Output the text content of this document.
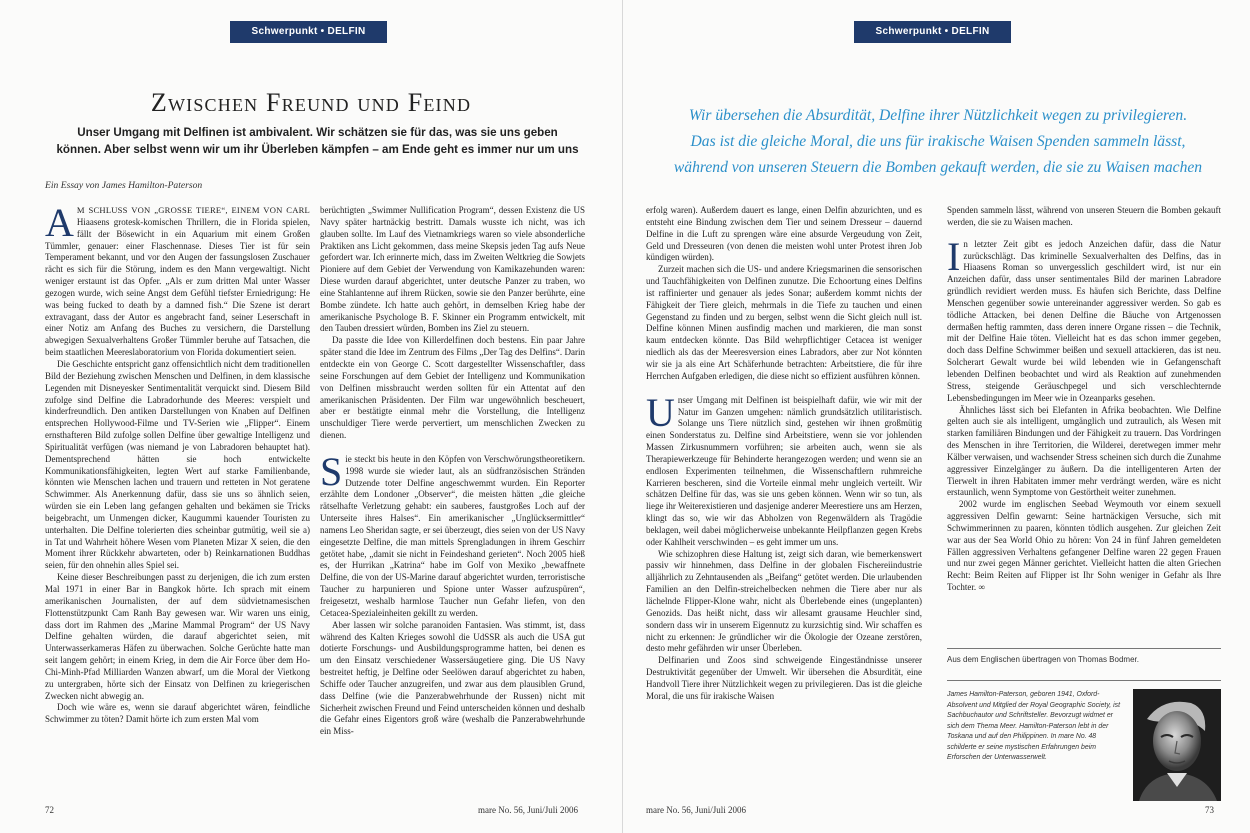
Schwerpunkt • DELFIN
Zwischen Freund und Feind
Unser Umgang mit Delfinen ist ambivalent. Wir schätzen sie für das, was sie uns geben können. Aber selbst wenn wir um ihr Überleben kämpfen – am Ende geht es immer nur um uns
Ein Essay von James Hamilton-Paterson

A M SCHLUSS VON „GROSSE TIERE“, EINEM VON CARL Hiaasens grotesk-komischen Thrillern, die in Florida spielen, fällt der Bösewicht in ein Aquarium mit einem Großen Tümmler, genauer: einer Flaschennase. Dieses Tier ist für sein Temperament bekannt, und vor den Augen der fassungslosen Zuschauer rächt es sich für die Störung, indem es den Mann vergewaltigt. Nicht weniger erstaunt ist das Opfer. „Als er zum dritten Mal unter Wasser gezogen wurde, wich seine Angst dem Gefühl tiefster Erniedrigung: He was being fucked to death by a damned fish.“ Die Szene ist derart extravagant, dass der Autor es angebracht fand, seiner Leserschaft in einer Notiz am Anfang des Buches zu versichern, die Darstellung abwegigen Sexualverhaltens Großer Tümmler beruhe auf Tatsachen, die beim staatlichen Meereslaboratorium von Florida dokumentiert seien.

Die Geschichte entspricht ganz offensichtlich nicht dem traditionellen Bild der Beziehung zwischen Menschen und Delfinen, in dem klassische Legenden mit Disneyesker Sentimentalität verquickt sind. Diesem Bild zufolge sind Delfine die Labradorhunde des Meeres: verspielt und kinderfreundlich. Den antiken Darstellungen von Knaben auf Delfinen entsprechen Hollywood-Filme und TV-Serien wie „Flipper“. Einem ernsthafteren Bild zufolge sollen Delfine über gewaltige Intelligenz und Spiritualität verfügen (was niemand je von Labradoren behauptet hat). Dementsprechend hätten sie hoch entwickelte Kommunikationsfähigkeiten, legten Wert auf starke Familienbande, könnten wie Menschen lachen und trauern und retteten in Not geratene Schwimmer. Als Anerkennung dafür, dass sie uns so ähnlich seien, würden sie ein Leben lang gefangen gehalten und bekämen sie Tricks beigebracht, um Unmengen dicker, Kaugummi kauender Touristen zu unterhalten. Die Delfine tolerierten dies scheinbar gutmütig, weil sie a) in Tat und Wahrheit höhere Wesen vom Planeten Mizar X seien, die den Moment ihrer Rückkehr abwarteten, oder b) Reinkarnationen Buddhas seien, für den ohnehin alles Spiel sei.

Keine dieser Beschreibungen passt zu derjenigen, die ich zum ersten Mal 1971 in einer Bar in Bangkok hörte. Ich sprach mit einem amerikanischen Journalisten, der auf dem südvietnamesischen Flottenstützpunkt Cam Ranh Bay gewesen war. Wir waren uns einig, dass dort im Rahmen des „Marine Mammal Program“ der US Navy Delfine gehalten würden, die darauf abgerichtet seien, mit Unterwasserkameras Häfen zu überwachen. Solche Gerüchte hatte man seit langem gehört; in einem Krieg, in dem die Air Force über dem Ho-Chi-Minh-Pfad Milliarden Wanzen abwarf, um die Moral der Vietkong zu untergraben, hörte sich der Einsatz von Delfinen zu kriegerischen Zwecken nicht abwegig an.

Doch wie wäre es, wenn sie darauf abgerichtet wären, feindliche Schwimmer zu töten? Damit hörte ich zum ersten Mal vom

berüchtigten „Swimmer Nullification Program“, dessen Existenz die US Navy später hartnäckig bestritt. Damals wusste ich nicht, was ich glauben sollte. Im Lauf des Vietnamkriegs waren so viele absonderliche Praktiken ans Licht gekommen, dass meine Skepsis jeden Tag aufs Neue gefordert war. Ich erinnerte mich, dass im Zweiten Weltkrieg die Sowjets Pioniere auf dem Gebiet der Verwendung von Kamikazehunden waren: Diese wurden darauf abgerichtet, unter deutsche Panzer zu traben, wo eine Stahlantenne auf ihrem Rücken, sowie sie den Panzer berührte, eine Bombe zündete. Ich hatte auch gehört, in demselben Krieg habe der amerikanische Psychologe B. F. Skinner ein Programm entwickelt, mit den Tauben dressiert würden, Bomben ins Ziel zu steuern.

Da passte die Idee von Killerdelfinen doch bestens. Ein paar Jahre später stand die Idee im Zentrum des Films „Der Tag des Delfins“. Darin entdeckte ein von George C. Scott dargestellter Wissenschaftler, dass seine Forschungen auf dem Gebiet der Intelligenz und Kommunikation von Delfinen missbraucht werden sollten für ein Attentat auf den amerikanischen Präsidenten. Der Film war ungewöhnlich bescheuert, aber er bestätigte einmal mehr die Vorstellung, die Intelligenz unschuldiger Tiere werde pervertiert, um menschlichen Zwecken zu dienen.

Sie steckt bis heute in den Köpfen von Verschwörungstheoretikern. 1998 wurde sie wieder laut, als an südfranzösischen Stränden Dutzende toter Delfine angeschwemmt wurden. Ein Reporter erzählte dem Londoner „Observer“, die meisten hätten „die gleiche rätselhafte Verletzung gehabt: ein sauberes, faustgroßes Loch auf der Unterseite ihres Halses“. Ein amerikanischer „Unglücksermittler“ namens Leo Sheridan sagte, er sei überzeugt, dies seien von der US Navy eingesetzte Delfine, die man mittels Sprengladungen in ihrem Geschirr getötet habe, „damit sie nicht in Feindeshand gerieten“. Noch 2005 hieß es, der Hurrikan „Katrina“ habe im Golf von Mexiko „bewaffnete Delfine, die von der US-Marine darauf abgerichtet wurden, terroristische Taucher zu harpunieren und Spione unter Wasser aufzuspüren“, freigesetzt, weshalb harmlose Taucher nun Gefahr liefen, von den Cetacea-Spezialeinheiten gekillt zu werden.

Aber lassen wir solche paranoiden Fantasien. Was stimmt, ist, dass während des Kalten Krieges sowohl die UdSSR als auch die USA gut dotierte Forschungs- und Ausbildungsprogramme hatten, bei denen es um den Einsatz verschiedener Wassersäugetiere ging. Die US Navy bestreitet heftig, je Delfine oder Seelöwen darauf abgerichtet zu haben, Schiffe oder Taucher anzugreifen, und zwar aus dem plausiblen Grund, dass Delfine (wie die Panzerabwehrhunde der Russen) nicht mit Sicherheit zwischen Freund und Feind unterscheiden können und deshalb die Gefahr eines Eigentors groß wäre (weshalb die Panzerabwehrhunde ein Miss-

72	mare No. 56, Juni/Juli 2006
Schwerpunkt • DELFIN
Wir übersehen die Absurdität, Delfine ihrer Nützlichkeit wegen zu privilegieren.
Das ist die gleiche Moral, die uns für irakische Waisen Spenden sammeln lässt,
während von unseren Steuern die Bomben gekauft werden, die sie zu Waisen machen

erfolg waren). Außerdem dauert es lange, einen Delfin abzurichten, und es entsteht eine Bindung zwischen dem Tier und seinem Dresseur – dauernd Delfine in die Luft zu sprengen wäre eine absurde Vergeudung von Zeit, Geld und Dresseuren (von denen die meisten wohl unter Protest ihren Job kündigen würden).

Zurzeit machen sich die US- und andere Kriegsmarinen die sensorischen und Tauchfähigkeiten von Delfinen zunutze. Die Echoortung eines Delfins ist raffinierter und genauer als jedes Sonar; außerdem kommt nichts der Fähigkeit der Tiere gleich, mehrmals in die Tiefe zu tauchen und einen Gegenstand zu finden und zu bergen, selbst wenn die Sicht gleich null ist. Delfine können Minen ausfindig machen und markieren, die man sonst kaum entdecken könnte. Das Bild wehrpflichtiger Cetacea ist weniger niedlich als das der Meeresversion eines Labradors, aber zur Not könnten wir sie ja als eine Art Schäferhunde betrachten: Arbeitstiere, die für ihre Herrchen Aufgaben erledigen, die diese nicht so effizient ausführen können.

Unser Umgang mit Delfinen ist beispielhaft dafür, wie wir mit der Natur im Ganzen umgehen: nämlich grundsätzlich utilitaristisch. Solange uns Tiere nützlich sind, gestehen wir ihnen großmütig einen Sonderstatus zu. Delfine sind Arbeitstiere, wenn sie vor johlenden Massen Zirkusnummern vorführen; sie arbeiten auch, wenn sie als Therapiewerkzeuge für Behinderte herangezogen werden; und wenn sie an endlosen Experimenten teilnehmen, die Wissenschaftlern ruhmreiche Karrieren bescheren, sind die Vorteile einmal mehr ungleich verteilt. Wir schätzen Delfine für das, was sie uns geben können. Wenn wir so tun, als liege ihr Weiterexistieren und dasjenige anderer Meerestiere uns am Herzen, klingt das so, wie wir das Abholzen von Regenwäldern als Tragödie beklagen, weil dabei möglicherweise unbekannte Heilpflanzen gegen Krebs oder Kahlheit verschwinden – es geht immer um uns.

Wie schizophren diese Haltung ist, zeigt sich daran, wie bemerkenswert passiv wir hinnehmen, dass Delfine in der globalen Fischereiindustrie alljährlich zu Zehntausenden als „Beifang“ getötet werden. Die urlaubenden Familien an den Delfin-streichelbecken nehmen die Tiere aber nur als lächelnde Flipper-Klone wahr, nicht als Überlebende eines (ungeplanten) Genozids. Das heißt nicht, dass wir allesamt grausame Heuchler sind, sondern dass wir in unserem Eigennutz zu kurzsichtig sind. Wir schaffen es nicht zu erkennen: Je gründlicher wir die Ökologie der Ozeane zerstören, desto mehr gefährden wir unser Überleben.

Delfinarien und Zoos sind schweigende Eingeständnisse unserer Destruktivität gegenüber der Umwelt. Wir übersehen die Absurdität, eine Handvoll Tiere ihrer Nützlichkeit wegen zu privilegieren. Das ist die gleiche Moral, die uns für irakische Waisen

Spenden sammeln lässt, während von unseren Steuern die Bomben gekauft werden, die sie zu Waisen machen.

In letzter Zeit gibt es jedoch Anzeichen dafür, dass die Natur zurückschlägt. Das kriminelle Sexualverhalten des Delfins, das in Hiaasens Roman so unvergesslich geschildert wird, ist nur ein Anzeichen dafür, dass unser sentimentales Bild der marinen Labradore gründlich revidiert werden muss. Es häufen sich Berichte, dass Delfine Menschen gegenüber sowie untereinander aggressiver werden. So gab es tödliche Attacken, bei denen Delfine die Bäuche von Artgenossen dermaßen heftig rammten, dass deren innere Organe rissen – die Technik, mit der Delfine Haie töten. Vielleicht hat es das schon immer gegeben, doch dass Delfine Schwimmer beißen und sexuell attackieren, das ist neu. Solcherart Gewalt wurde bei wild lebenden wie in Gefangenschaft lebenden Delfinen beobachtet und wird als Reaktion auf zunehmenden Stress, steigende Geräuschpegel und sich verschlechternde Lebensbedingungen im Meer wie in Ozeanparks gesehen.

Ähnliches lässt sich bei Elefanten in Afrika beobachten. Wie Delfine gelten auch sie als intelligent, umgänglich und zutraulich, als Wesen mit starken familiären Bindungen und der Fähigkeit zu trauern. Das Vordringen des Menschen in ihre Territorien, die Wilderei, deretwegen immer mehr Kälber verwaisen, und wachsender Stress scheinen sich durch die Zunahme aggressiver Einzelgänger zu äußern. Da die intelligenteren Arten der Tierwelt in ihren Habitaten immer mehr verdrängt werden, wäre es nicht erstaunlich, wenn Symptome von Gestörtheit weiter zunehmen.

2002 wurde im englischen Seebad Weymouth vor einem sexuell aggressiven Delfin gewarnt: Seine hartnäckigen Versuche, sich mit Schwimmerinnen zu paaren, könnten tödlich ausgehen. Zur gleichen Zeit war aus der Sea World Ohio zu hören: Von 24 in fünf Jahren gemeldeten Fällen aggressiven Verhaltens gefangener Delfine waren 22 gegen Frauen und nur zwei gegen Männer gerichtet. Vielleicht hatten die alten Griechen Recht: Beim Reiten auf Flipper ist Ihr Sohn weniger in Gefahr als Ihre Tochter. ∞

Aus dem Englischen übertragen von Thomas Bodmer.
James Hamilton-Paterson, geboren 1941, Oxford-Absolvent und Mitglied der Royal Geographic Society, ist Sachbuchautor und Schriftsteller. Bevorzugt widmet er sich dem Thema Meer. Hamilton-Paterson lebt in der Toskana und auf den Philippinen. In mare No. 48 schilderte er seine mystischen Erfahrungen beim Erforschen der Unterwasserwelt.
mare No. 56, Juni/Juli 2006	73
